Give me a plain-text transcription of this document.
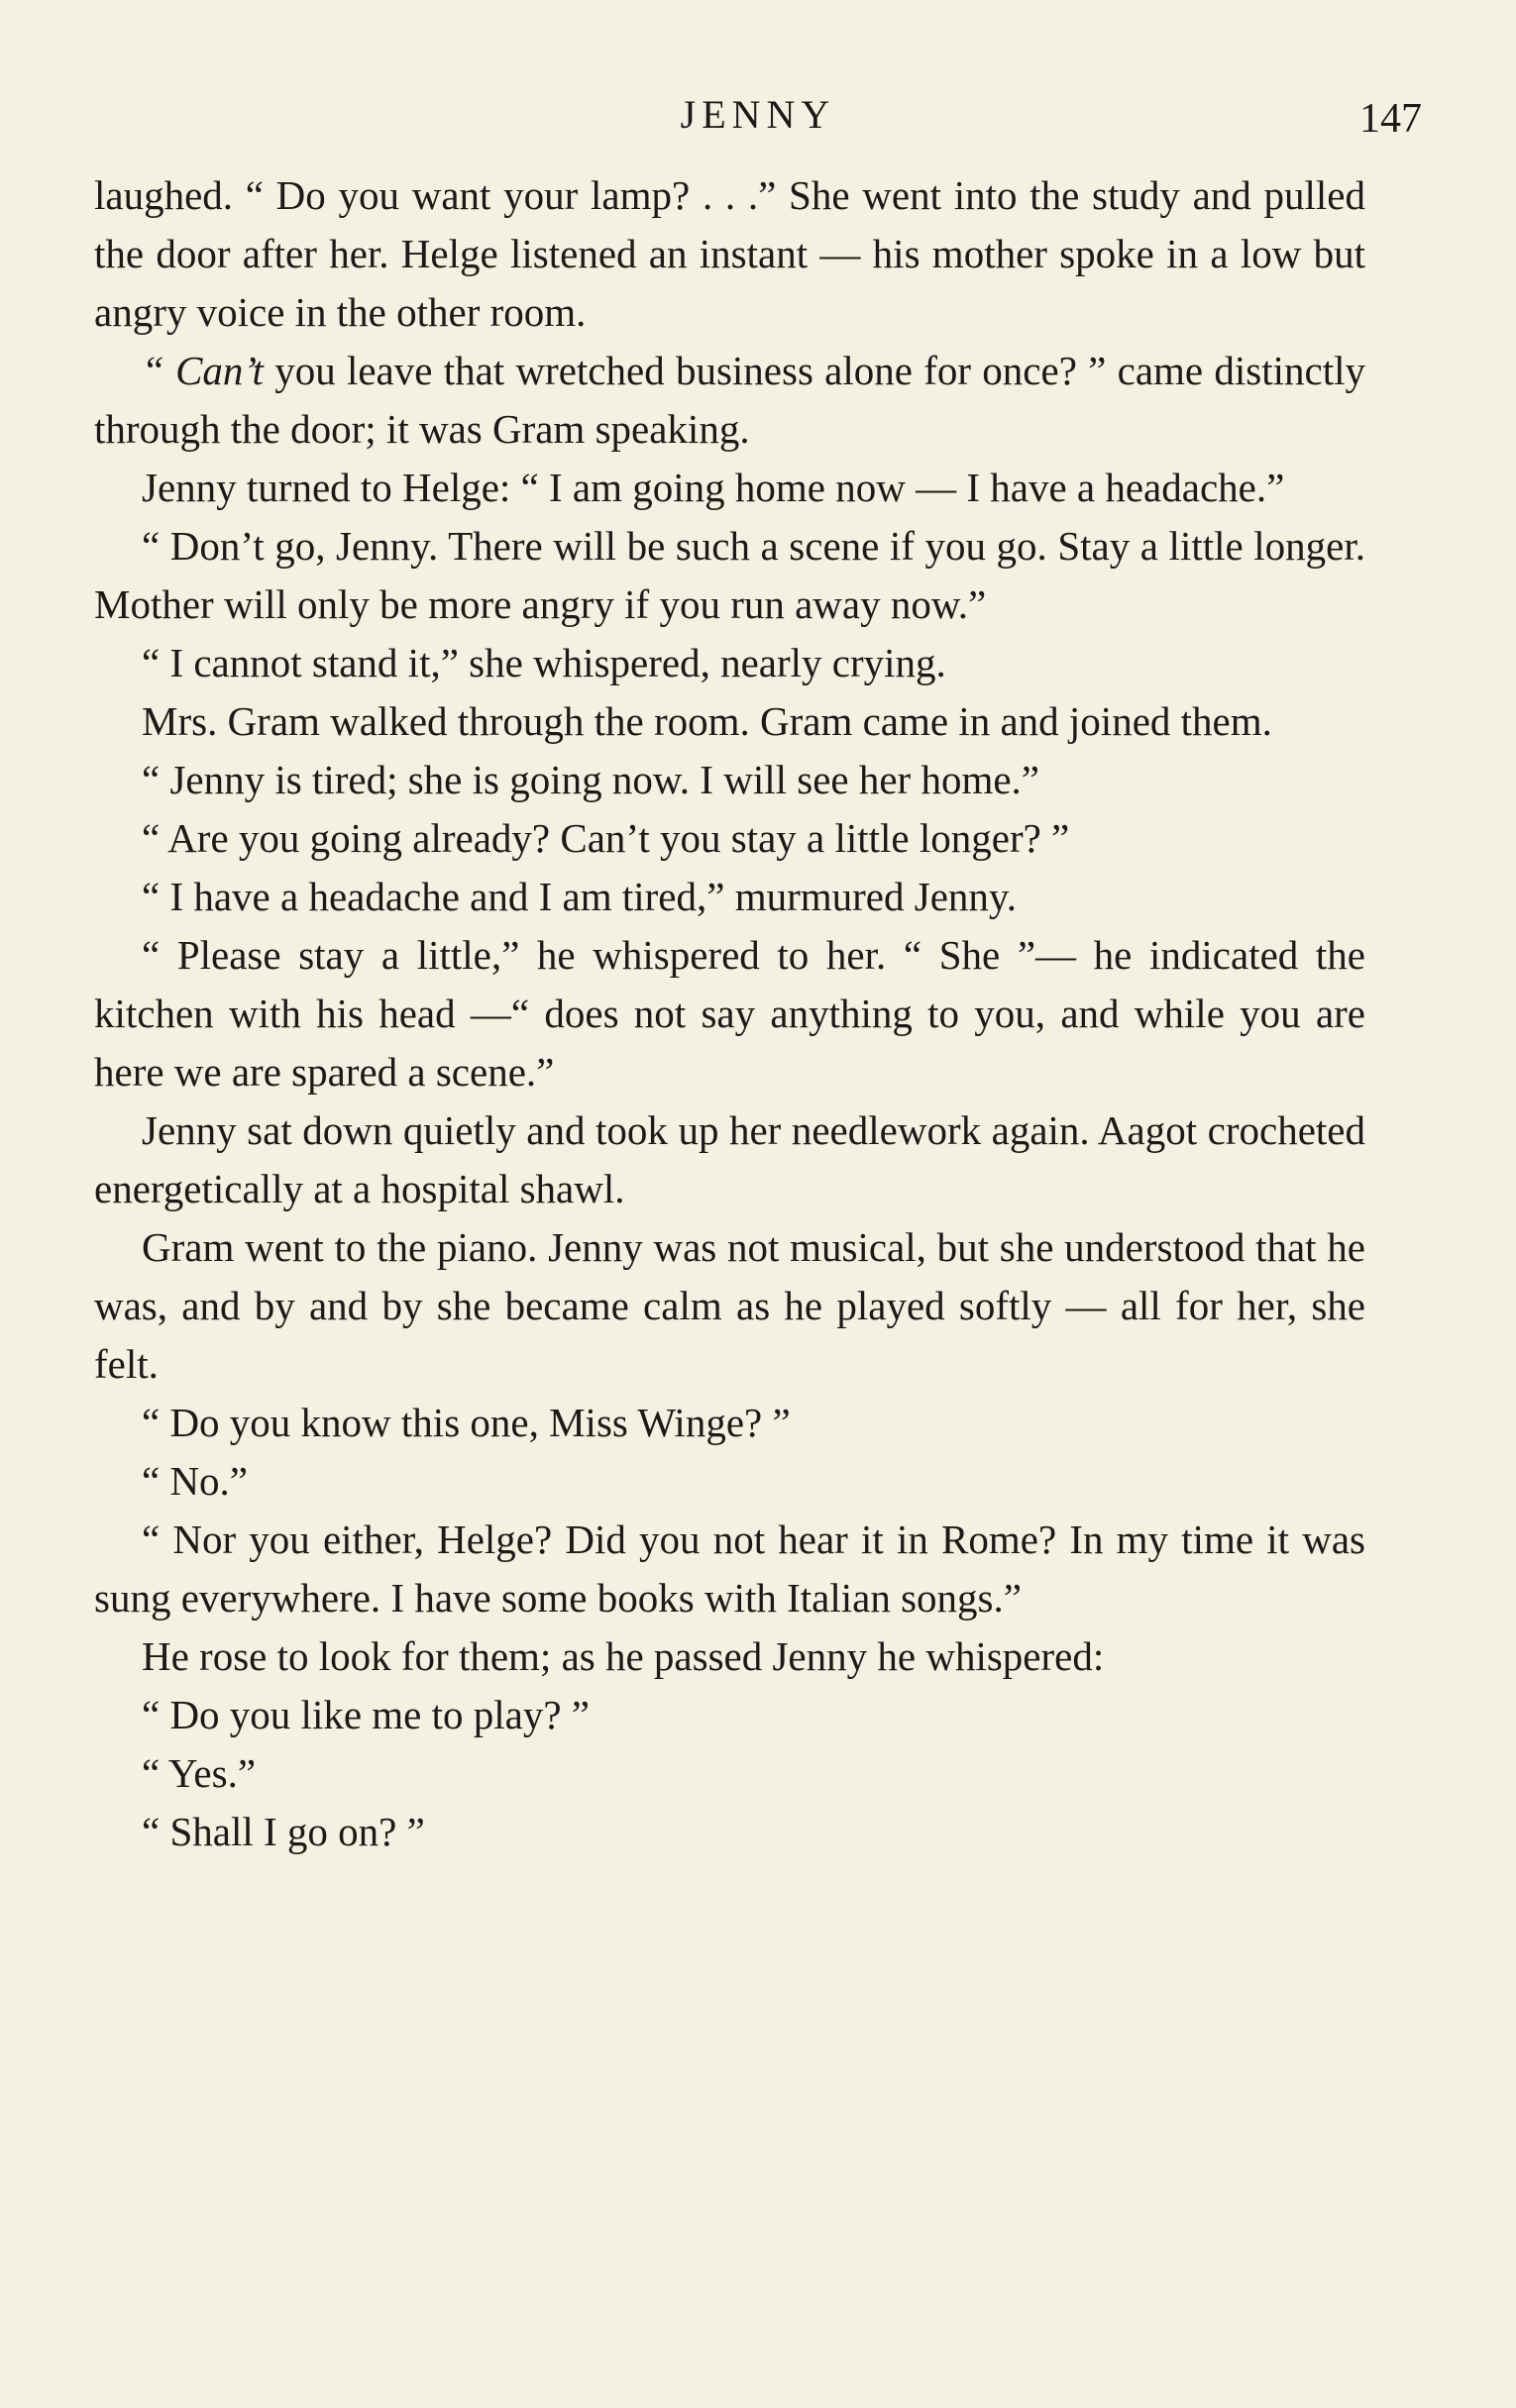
JENNY	147

laughed. “ Do you want your lamp? . . .” She went into the study and pulled the door after her. Helge listened an instant — his mother spoke in a low but angry voice in the other room.

“ Can’t you leave that wretched business alone for once? ” came distinctly through the door; it was Gram speaking.

Jenny turned to Helge: “ I am going home now — I have a headache.”

“ Don’t go, Jenny. There will be such a scene if you go. Stay a little longer. Mother will only be more angry if you run away now.”

“ I cannot stand it,” she whispered, nearly crying.

Mrs. Gram walked through the room. Gram came in and joined them.

“ Jenny is tired; she is going now. I will see her home.”

“ Are you going already? Can’t you stay a little longer? ”

“ I have a headache and I am tired,” murmured Jenny.

“ Please stay a little,” he whispered to her. “ She ”— he indicated the kitchen with his head —“ does not say anything to you, and while you are here we are spared a scene.”

Jenny sat down quietly and took up her needlework again. Aagot crocheted energetically at a hospital shawl.

Gram went to the piano. Jenny was not musical, but she understood that he was, and by and by she became calm as he played softly — all for her, she felt.

“ Do you know this one, Miss Winge? ”

“ No.”

“ Nor you either, Helge? Did you not hear it in Rome? In my time it was sung everywhere. I have some books with Italian songs.”

He rose to look for them; as he passed Jenny he whispered:

“ Do you like me to play? ”

“ Yes.”

“ Shall I go on? ”
